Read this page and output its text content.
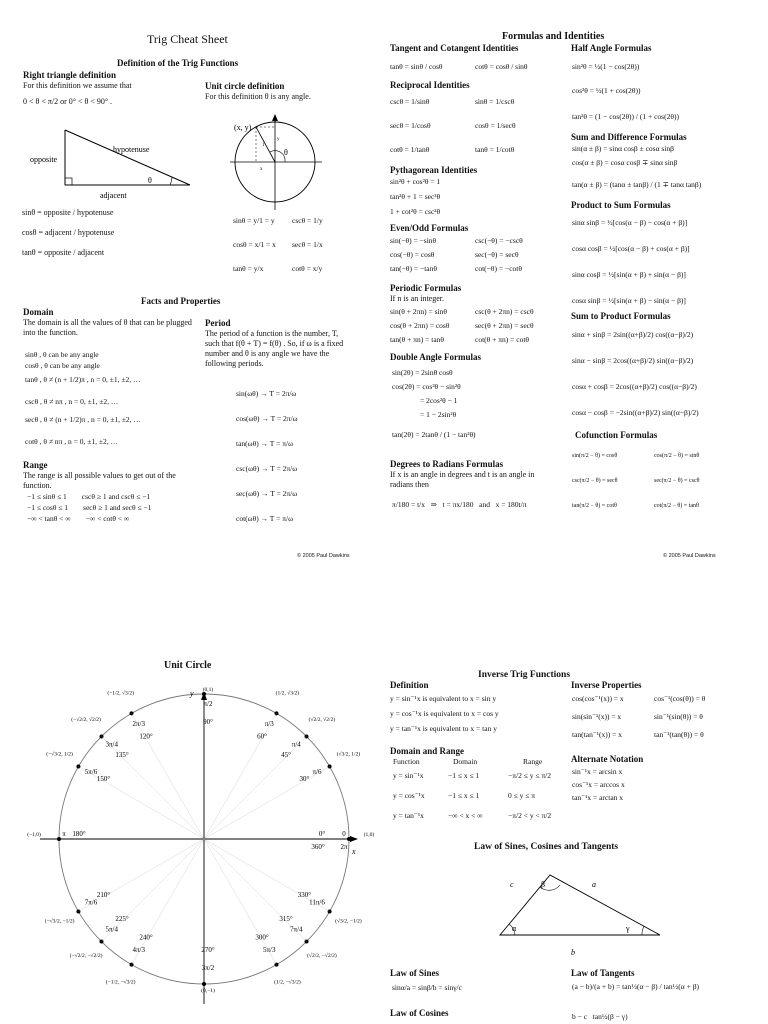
Trig Cheat Sheet
Definition of the Trig Functions
Right triangle definition
For this definition we assume that
0 < θ < π/2 or 0° < θ < 90° .
Unit circle definition
For this definition θ is any angle.
opposite
hypotenuse
adjacent
θ
(x, y)
x
y
1
θ
sinθ = opposite / hypotenuse
cosθ = adjacent / hypotenuse
tanθ = opposite / adjacent
sinθ = y/1 = y
cosθ = x/1 = x
tanθ = y/x
cscθ = 1/y
secθ = 1/x
cotθ = x/y
Facts and Properties
Domain
The domain is all the values of θ that can be plugged into the function.
sinθ , θ can be any angle
cosθ , θ can be any angle
tanθ , θ ≠ (n + 1/2)π , n = 0, ±1, ±2, …
cscθ , θ ≠ nπ , n = 0, ±1, ±2, …
secθ , θ ≠ (n + 1/2)π , n = 0, ±1, ±2, …
cotθ , θ ≠ nπ , n = 0, ±1, ±2, …
Range
The range is all possible values to get out of the function.
−1 ≤ sinθ ≤ 1        cscθ ≥ 1 and cscθ ≤ −1
−1 ≤ cosθ ≤ 1        secθ ≥ 1 and secθ ≤ −1
−∞ < tanθ < ∞        −∞ < cotθ < ∞
Period
The period of a function is the number, T, such that f(θ + T) = f(θ) . So, if ω is a fixed number and θ is any angle we have the following periods.
sin(ωθ) → T = 2π/ω
cos(ωθ) → T = 2π/ω
tan(ωθ) → T = π/ω
csc(ωθ) → T = 2π/ω
sec(ωθ) → T = 2π/ω
cot(ωθ) → T = π/ω
© 2005 Paul Dawkins
Formulas and Identities
Tangent and Cotangent Identities
tanθ = sinθ / cosθ	cotθ = cosθ / sinθ
Reciprocal Identities
cscθ = 1/sinθ	sinθ = 1/cscθ
secθ = 1/cosθ	cosθ = 1/secθ
cotθ = 1/tanθ	tanθ = 1/cotθ
Pythagorean Identities
sin²θ + cos²θ = 1
tan²θ + 1 = sec²θ
1 + cot²θ = csc²θ
Even/Odd Formulas
sin(−θ) = −sinθ	csc(−θ) = −cscθ
cos(−θ) = cosθ	sec(−θ) = secθ
tan(−θ) = −tanθ	cot(−θ) = −cotθ
Periodic Formulas
If n is an integer.
sin(θ + 2πn) = sinθ	csc(θ + 2πn) = cscθ
cos(θ + 2πn) = cosθ	sec(θ + 2πn) = secθ
tan(θ + πn) = tanθ	cot(θ + πn) = cotθ
Double Angle Formulas
sin(2θ) = 2sinθ cosθ
cos(2θ) = cos²θ − sin²θ
= 2cos²θ − 1
= 1 − 2sin²θ
tan(2θ) = 2tanθ / (1 − tan²θ)
Degrees to Radians Formulas
If x is an angle in degrees and t is an angle in radians then
π/180 = t/x   ⇒   t = πx/180   and   x = 180t/π
Half Angle Formulas
sin²θ = ½(1 − cos(2θ))
cos²θ = ½(1 + cos(2θ))
tan²θ = (1 − cos(2θ)) / (1 + cos(2θ))
Sum and Difference Formulas
sin(α ± β) = sinα cosβ ± cosα sinβ
cos(α ± β) = cosα cosβ ∓ sinα sinβ
tan(α ± β) = (tanα ± tanβ) / (1 ∓ tanα tanβ)
Product to Sum Formulas
sinα sinβ = ½[cos(α − β) − cos(α + β)]
cosα cosβ = ½[cos(α − β) + cos(α + β)]
sinα cosβ = ½[sin(α + β) + sin(α − β)]
cosα sinβ = ½[sin(α + β) − sin(α − β)]
Sum to Product Formulas
sinα + sinβ = 2sin((α+β)/2) cos((α−β)/2)
sinα − sinβ = 2cos((α+β)/2) sin((α−β)/2)
cosα + cosβ = 2cos((α+β)/2) cos((α−β)/2)
cosα − cosβ = −2sin((α+β)/2) sin((α−β)/2)
Cofunction Formulas
sin(π/2 − θ) = cosθ	cos(π/2 − θ) = sinθ
csc(π/2 − θ) = secθ	sec(π/2 − θ) = cscθ
tan(π/2 − θ) = cotθ	cot(π/2 − θ) = tanθ
© 2005 Paul Dawkins
Unit Circle
x
y
0° 0	(1,0)
30°
π/6
(√3/2, 1/2)
45°
π/4
(√2/2, √2/2)
60°
π/3
(1/2, √3/2)
90°
π/2
(0,1)
120°
2π/3
(−1/2, √3/2)
135°
3π/4
(−√2/2, √2/2)
150°
5π/6
(−√3/2, 1/2)
180°
π
(−1,0)
210°
7π/6
(−√3/2, −1/2)	225°
5π/4
(−√2/2, −√2/2)
240°
4π/3
(−1/2, −√3/2)
270°
3π/2
(0,−1)
300°
5π/3
(1/2, −√3/2)
315°
7π/4
(√2/2, −√2/2)
330°
11π/6
(√3/2, −1/2)
360° 2π
Inverse Trig Functions
Definition
y = sin⁻¹x is equivalent to x = sin y
y = cos⁻¹x is equivalent to x = cos y
y = tan⁻¹x is equivalent to x = tan y
Domain and Range
Function	Domain	Range
y = sin⁻¹x	−1 ≤ x ≤ 1	−π/2 ≤ y ≤ π/2
y = cos⁻¹x	−1 ≤ x ≤ 1	0 ≤ y ≤ π
y = tan⁻¹x	−∞ < x < ∞	−π/2 < y < π/2
Inverse Properties
cos(cos⁻¹(x)) = x	cos⁻¹(cos(θ)) = θ
sin(sin⁻¹(x)) = x	sin⁻¹(sin(θ)) = θ
tan(tan⁻¹(x)) = x	tan⁻¹(tan(θ)) = θ
Alternate Notation
sin⁻¹x = arcsin x
cos⁻¹x = arccos x
tan⁻¹x = arctan x
Law of Sines, Cosines and Tangents
c	β	a
α	γ
b
Law of Sines
sinα/a = sinβ/b = sinγ/c
Law of Cosines
Law of Tangents
(a − b)/(a + b) = tan½(α − β) / tan½(α + β)
b − c   tan½(β − γ)
